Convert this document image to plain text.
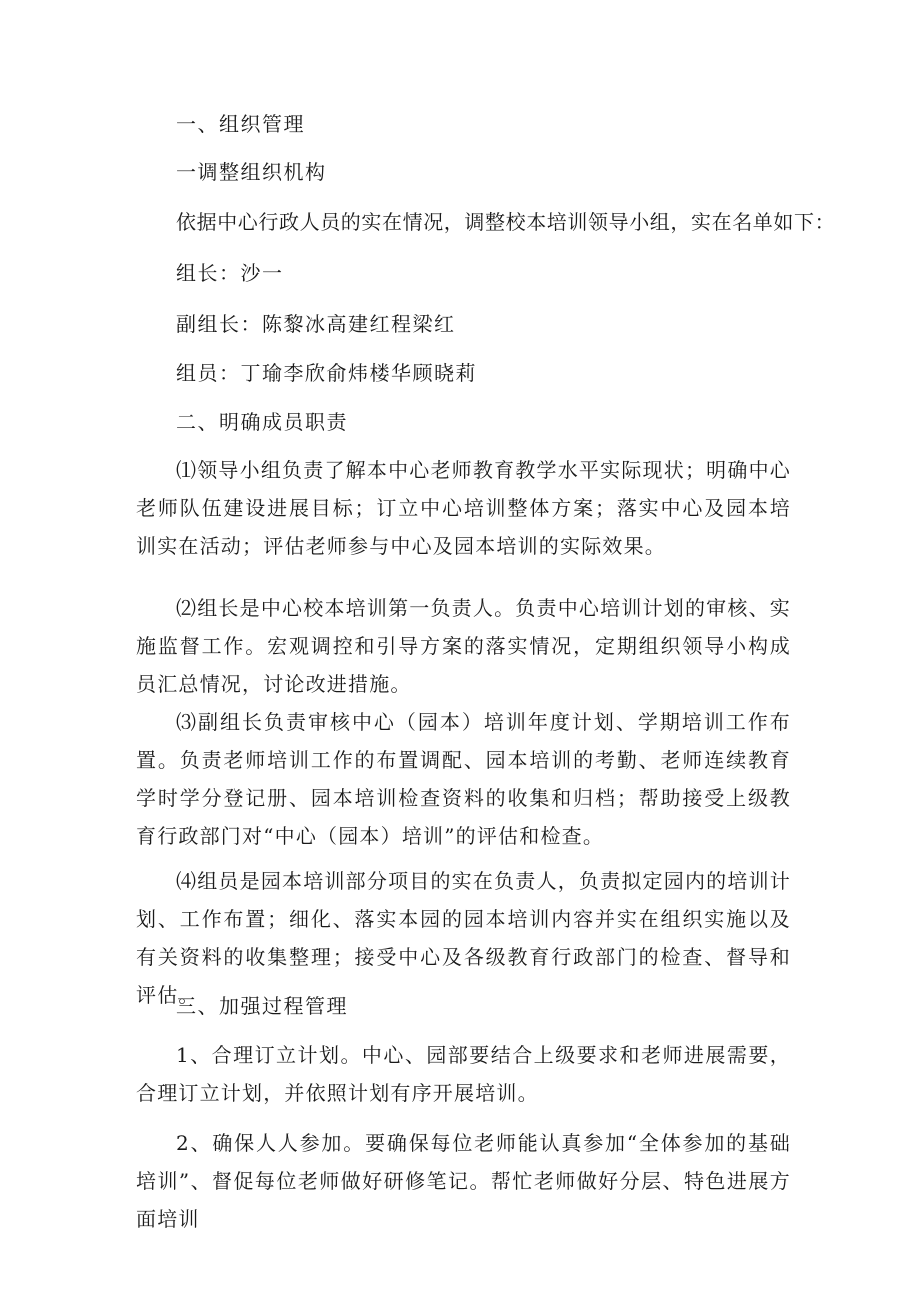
一、组织管理
一调整组织机构
依据中心行政人员的实在情况，调整校本培训领导小组，实在名单如下：
组长：沙一
副组长：陈黎冰高建红程梁红
组员：丁瑜李欣俞炜楼华顾晓莉
二、明确成员职责
⑴领导小组负责了解本中心老师教育教学水平实际现状；明确中心老师队伍建设进展目标；订立中心培训整体方案；落实中心及园本培训实在活动；评估老师参与中心及园本培训的实际效果。
⑵组长是中心校本培训第一负责人。负责中心培训计划的审核、实施监督工作。宏观调控和引导方案的落实情况，定期组织领导小构成员汇总情况，讨论改进措施。
⑶副组长负责审核中心（园本）培训年度计划、学期培训工作布置。负责老师培训工作的布置调配、园本培训的考勤、老师连续教育学时学分登记册、园本培训检查资料的收集和归档；帮助接受上级教育行政部门对“中心（园本）培训”的评估和检查。
⑷组员是园本培训部分项目的实在负责人，负责拟定园内的培训计划、工作布置；细化、落实本园的园本培训内容并实在组织实施以及有关资料的收集整理；接受中心及各级教育行政部门的检查、督导和评估。
三、加强过程管理
1、合理订立计划。中心、园部要结合上级要求和老师进展需要，合理订立计划，并依照计划有序开展培训。
2、确保人人参加。要确保每位老师能认真参加“全体参加的基础培训”、督促每位老师做好研修笔记。帮忙老师做好分层、特色进展方面培训
